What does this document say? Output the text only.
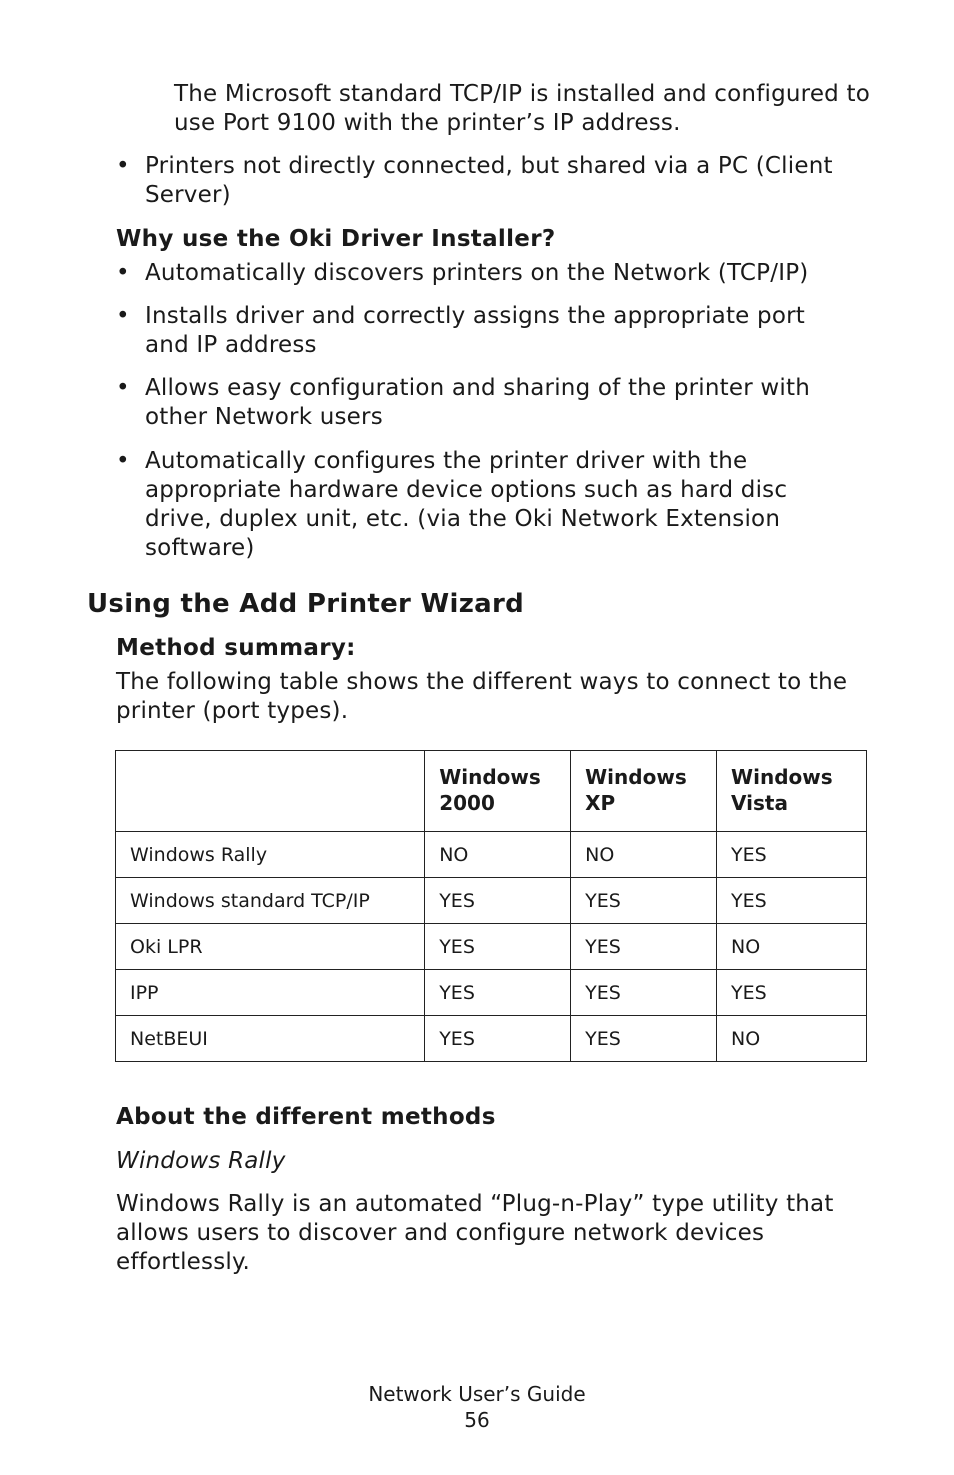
The Microsoft standard TCP/IP is installed and configured to use Port 9100 with the printer’s IP address.
• Printers not directly connected, but shared via a PC (Client Server)
Why use the Oki Driver Installer?
• Automatically discovers printers on the Network (TCP/IP)
• Installs driver and correctly assigns the appropriate port and IP address
• Allows easy configuration and sharing of the printer with other Network users
• Automatically configures the printer driver with the appropriate hardware device options such as hard disc drive, duplex unit, etc. (via the Oki Network Extension software)
Using the Add Printer Wizard
Method summary:
The following table shows the different ways to connect to the printer (port types).
	Windows 2000	Windows XP	Windows Vista
Windows Rally	NO	NO	YES
Windows standard TCP/IP	YES	YES	YES
Oki LPR	YES	YES	NO
IPP	YES	YES	YES
NetBEUI	YES	YES	NO
About the different methods
Windows Rally
Windows Rally is an automated “Plug-n-Play” type utility that allows users to discover and configure network devices effortlessly.
Network User’s Guide
56
